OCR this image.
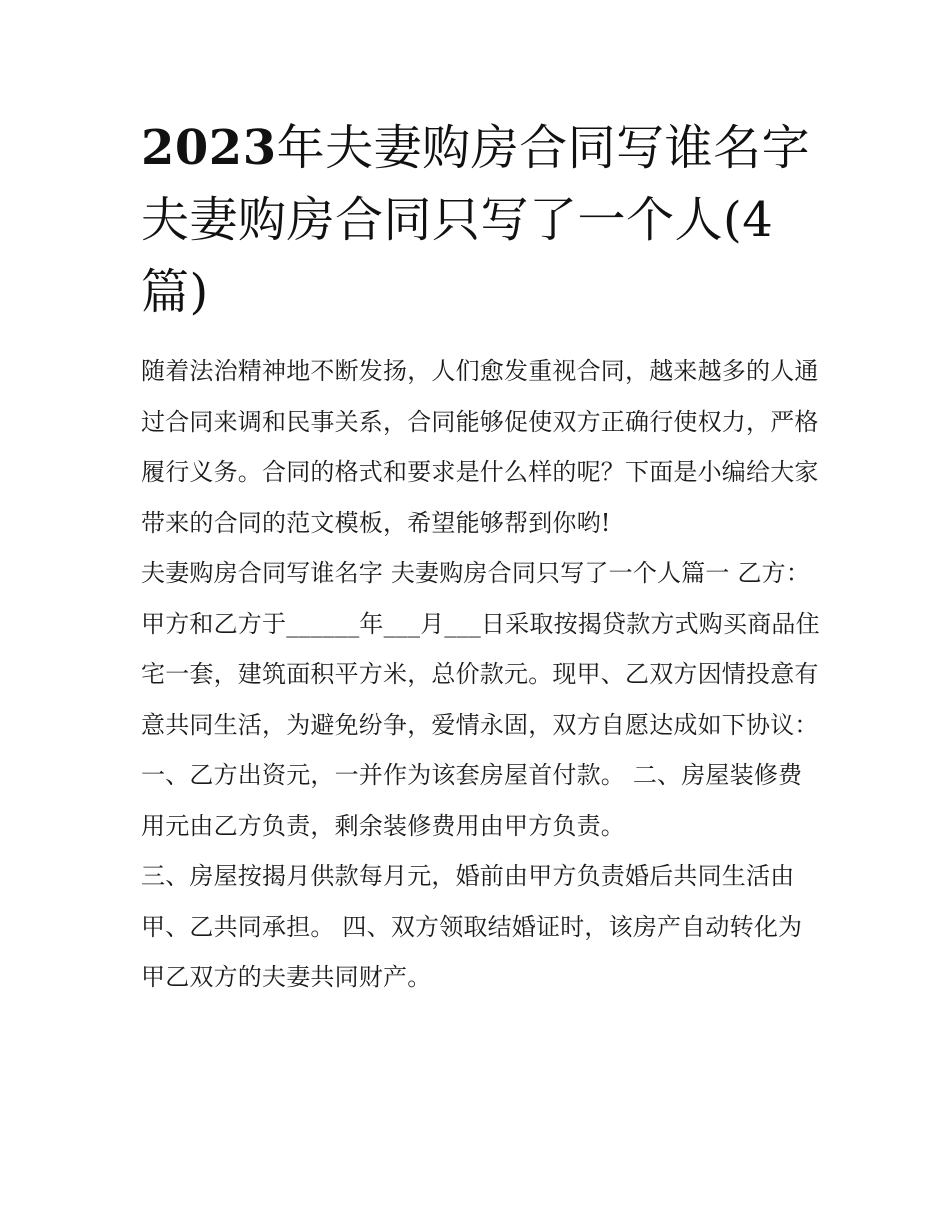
2023年夫妻购房合同写谁名字夫妻购房合同只写了一个人(4篇)

随着法治精神地不断发扬，人们愈发重视合同，越来越多的人通过合同来调和民事关系，合同能够促使双方正确行使权力，严格履行义务。合同的格式和要求是什么样的呢？下面是小编给大家带来的合同的范文模板，希望能够帮到你哟!

夫妻购房合同写谁名字 夫妻购房合同只写了一个人篇一 乙方：

甲方和乙方于______年___月___日采取按揭贷款方式购买商品住宅一套，建筑面积平方米，总价款元。现甲、乙双方因情投意有意共同生活，为避免纷争，爱情永固，双方自愿达成如下协议：

一、乙方出资元，一并作为该套房屋首付款。 二、房屋装修费用元由乙方负责，剩余装修费用由甲方负责。

三、房屋按揭月供款每月元，婚前由甲方负责婚后共同生活由甲、乙共同承担。 四、双方领取结婚证时，该房产自动转化为甲乙双方的夫妻共同财产。
